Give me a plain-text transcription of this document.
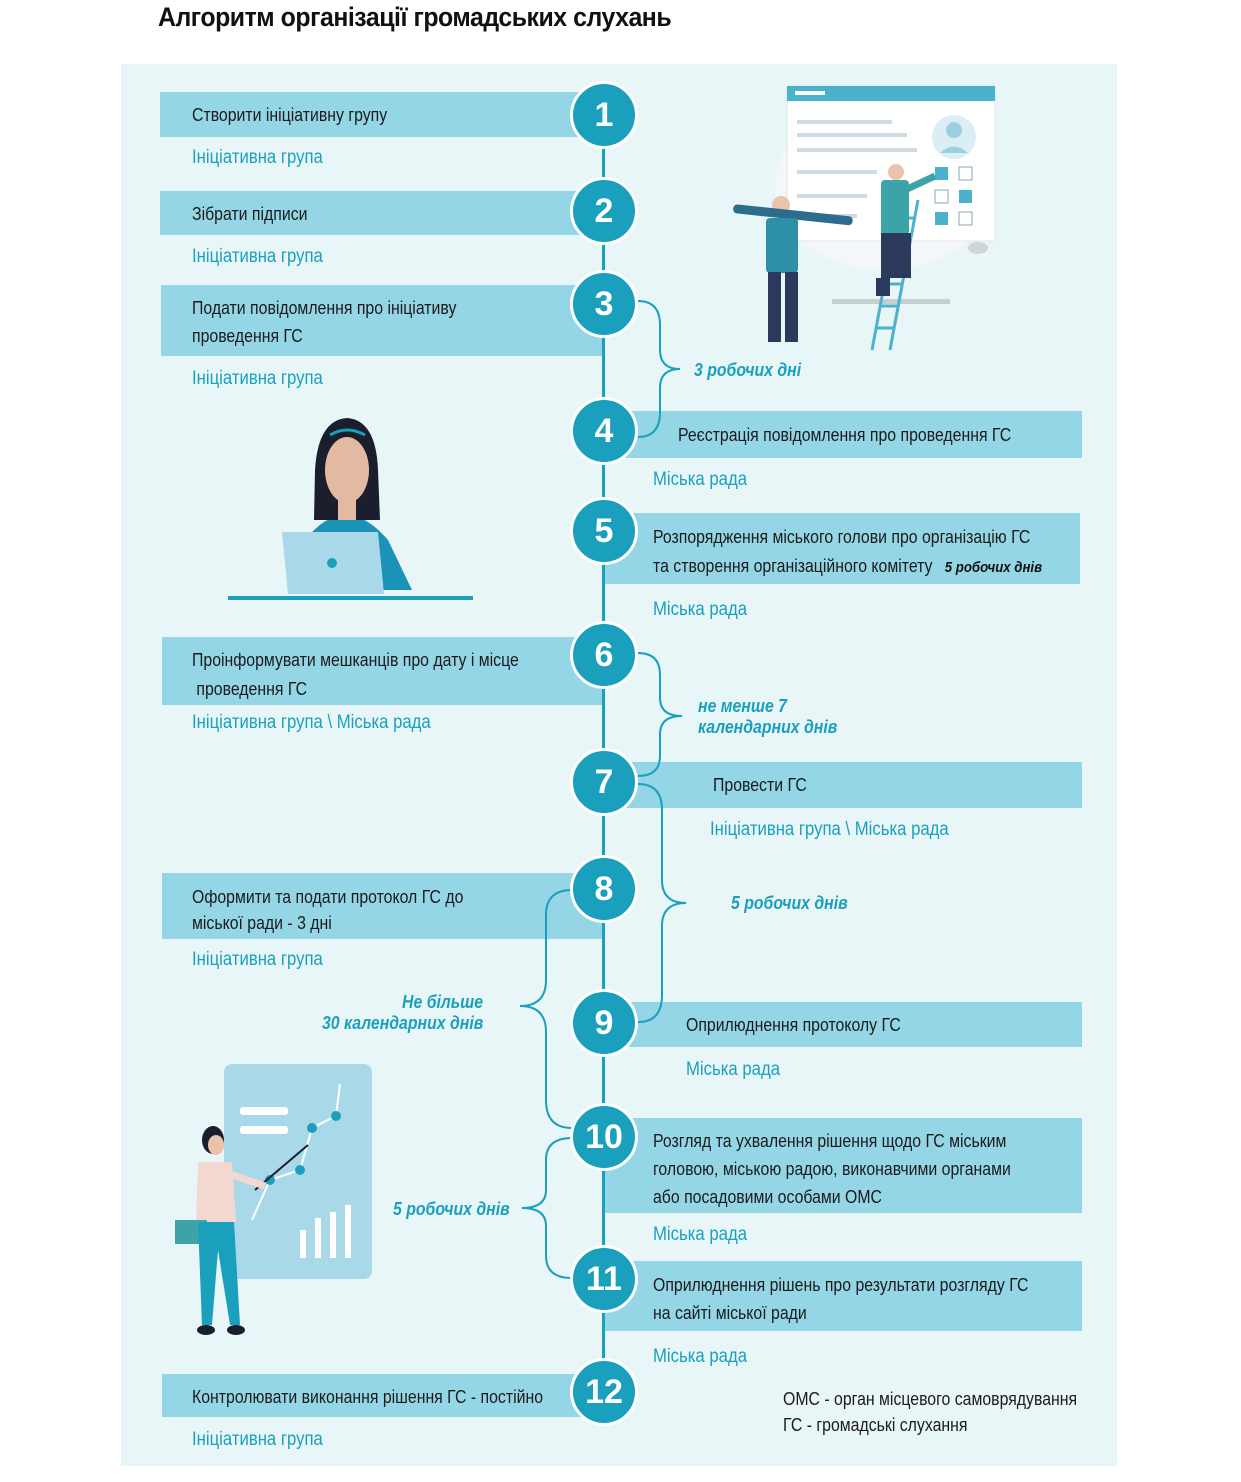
Алгоритм організації громадських слухань
1
2
3
4
5
6
7
8
9
10
11
12
Створити ініціативну групу
Ініціативна група
Зібрати підписи
Ініціативна група
Подати повідомлення про ініціативу
проведення ГС
Ініціативна група
Реєстрація повідомлення про проведення ГС
Міська рада
Розпорядження міського голови про організацію ГС
та створення організаційного комітету 5 робочих днів
Міська рада
Проінформувати мешканців про дату і місце
проведення ГС
Ініціативна група \ Міська рада
Провести ГС
Ініціативна група \ Міська рада
Оформити та подати протокол ГС до
міської ради - 3 дні
Ініціативна група
Оприлюднення протоколу ГС
Міська рада
Розгляд та ухвалення рішення щодо ГС міським
головою, міською радою, виконавчими органами
або посадовими особами ОМС
Міська рада
Оприлюднення рішень про результати розгляду ГС
на сайті міської ради
Міська рада
Контролювати виконання рішення ГС - постійно
Ініціативна група
3 робочих дні
не менше 7
календарних днів
5 робочих днів
Не більше
30 календарних днів
5 робочих днів
ОМС - орган місцевого самоврядування
ГС - громадські слухання
